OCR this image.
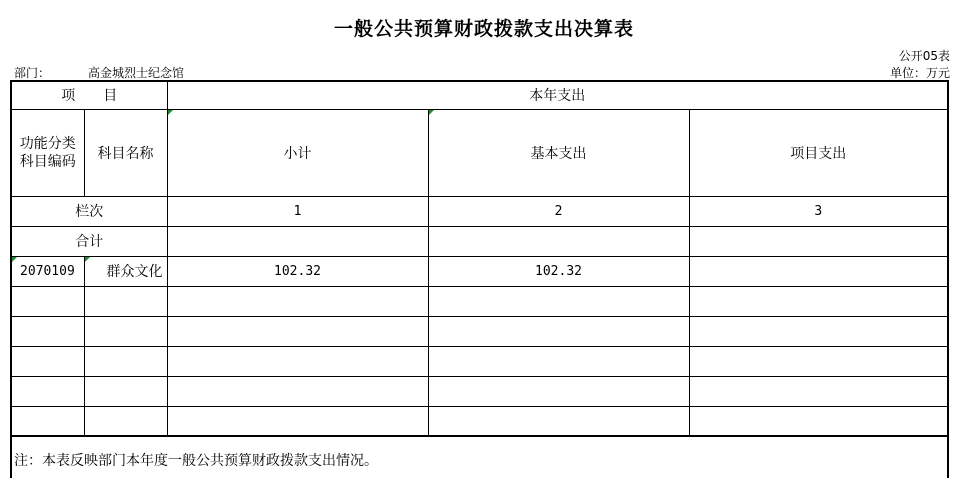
一般公共预算财政拨款支出决算表
公开05表
部门：	高金城烈士纪念馆	单位：万元
项　　目		本年支出		
功能分类科目编码	科目名称	小计	基本支出	项目支出
栏次		1	2	3
合计				
2070109	群众文化	102.32	102.32	

注：本表反映部门本年度一般公共预算财政拨款支出情况。
